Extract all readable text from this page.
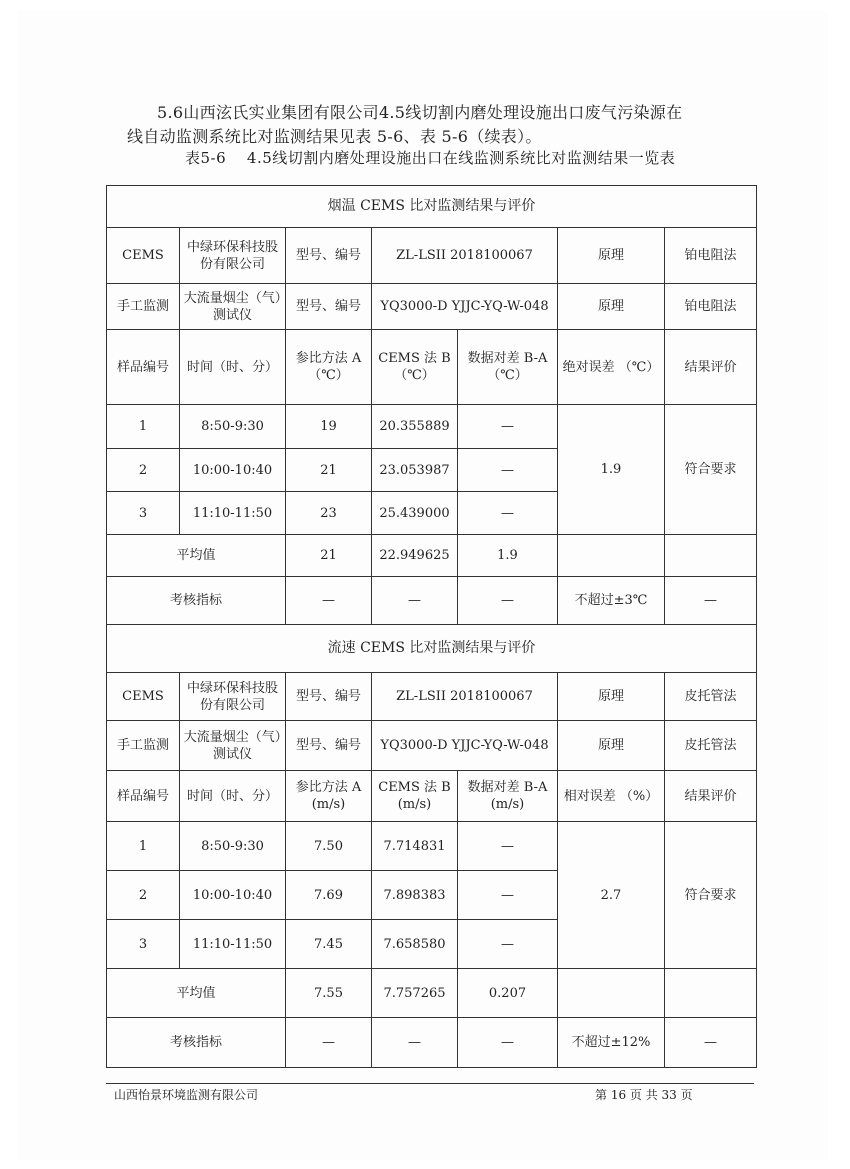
5.6山西泫氏实业集团有限公司4.5线切割内磨处理设施出口废气污染源在

线自动监测系统比对监测结果见表 5-6、表 5-6（续表）。

表5-6　 4.5线切割内磨处理设施出口在线监测系统比对监测结果一览表
烟温 CEMS 比对监测结果与评价						
CEMS	中绿环保科技股份有限公司	型号、编号	ZL-LSII 2018100067		原理	铂电阻法
手工监测	大流量烟尘（气）测试仪	型号、编号	YQ3000-D YJJC-YQ-W-048		原理	铂电阻法
样品编号	时间（时、分）	参比方法 A （℃）	CEMS 法 B （℃）	数据对差 B-A （℃）	绝对误差 （℃）	结果评价
1	8:50-9:30	19	20.355889	—	1.9	符合要求
2	10:00-10:40	21	23.053987	—		
3	11:10-11:50	23	25.439000	—		
平均值		21	22.949625	1.9		
考核指标		—	—	—	不超过±3℃	—
流速 CEMS 比对监测结果与评价						
CEMS	中绿环保科技股份有限公司	型号、编号	ZL-LSII 2018100067		原理	皮托管法
手工监测	大流量烟尘（气）测试仪	型号、编号	YQ3000-D YJJC-YQ-W-048		原理	皮托管法
样品编号	时间（时、分）	参比方法 A (m/s)	CEMS 法 B (m/s)	数据对差 B-A (m/s)	相对误差 （%）	结果评价
1	8:50-9:30	7.50	7.714831	—	2.7	符合要求
2	10:00-10:40	7.69	7.898383	—		
3	11:10-11:50	7.45	7.658580	—		
平均值		7.55	7.757265	0.207		
考核指标		—	—	—	不超过±12%	—
山西怡景环境监测有限公司	第 16 页 共 33 页
